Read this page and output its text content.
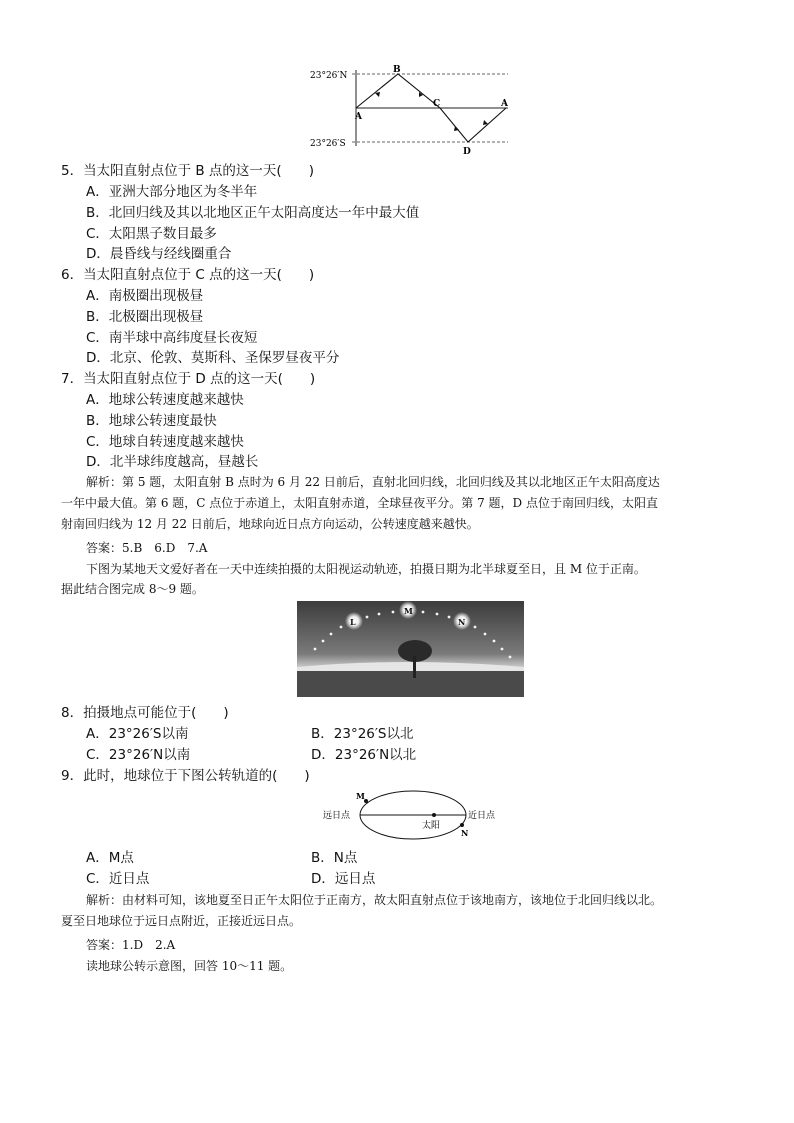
23°26′N
23°26′S
A
B
C
D
A
5．当太阳直射点位于 B 点的这一天(　　)
A．亚洲大部分地区为冬半年
B．北回归线及其以北地区正午太阳高度达一年中最大值
C．太阳黑子数目最多
D．晨昏线与经线圈重合
6．当太阳直射点位于 C 点的这一天(　　)
A．南极圈出现极昼
B．北极圈出现极昼
C．南半球中高纬度昼长夜短
D．北京、伦敦、莫斯科、圣保罗昼夜平分
7．当太阳直射点位于 D 点的这一天(　　)
A．地球公转速度越来越快
B．地球公转速度最快
C．地球自转速度越来越快
D．北半球纬度越高，昼越长
解析：第 5 题，太阳直射 B 点时为 6 月 22 日前后，直射北回归线，北回归线及其以北地区正午太阳高度达
一年中最大值。第 6 题，C 点位于赤道上，太阳直射赤道，全球昼夜平分。第 7 题，D 点位于南回归线，太阳直
射南回归线为 12 月 22 日前后，地球向近日点方向运动，公转速度越来越快。
答案：5.B　6.D　7.A
下图为某地天文爱好者在一天中连续拍摄的太阳视运动轨迹，拍摄日期为北半球夏至日，且 M 位于正南。
据此结合图完成 8～9 题。
L
M
N
8．拍摄地点可能位于(　　)
A．23°26′S以南	B．23°26′S以北
C．23°26′N以南	D．23°26′N以北
9．此时，地球位于下图公转轨道的(　　)
M
N
远日点	近日点
太阳
A．M点	B．N点
C．近日点	D．远日点
解析：由材料可知，该地夏至日正午太阳位于正南方，故太阳直射点位于该地南方，该地位于北回归线以北。
夏至日地球位于远日点附近，正接近远日点。
答案：1.D　2.A
读地球公转示意图，回答 10～11 题。
